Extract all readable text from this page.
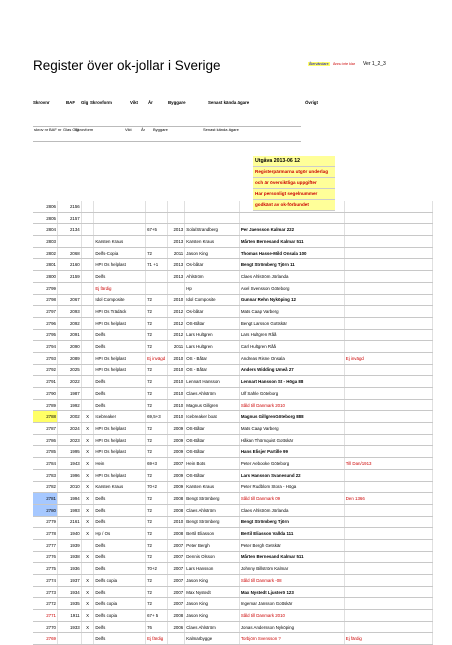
Register över ok-jollar i Sverige	Återvändare Ännu inte klar Ver 1_2_3
Skrovnr	BAF Glg Skrovform	Vikt År	Byggare	Senast kända ägare	Övrigt
skrov nr BAF nr Glas Glg
Skrovform	Vikt År Byggare	Senast kända ägare
Utgåva 2013-06 12
Registerpärmarna utgör underlag
och är översiktliga uppgifter
Har personligt segelnummer
godkänt av ok-förbundet
2806	2156							
2805	2157							
2804	2134			67+5	2013	Sola/Strandberg	Per Jaensson Kalmar 222	
2803			Karsten Kraus		2013	Karsten Kraus	Mårten Bernesand Kalmar 511	
2802	2068		Delfs-Copia	72	2011	Jason King	Thomas Hasse-Mild Onsala 100	
2801	2160		HPI Os helplast	71 +1	2013	Os-båtar	Bengt Strömberg Tjörn 11	
2800	2159		Delfs		2013	Ahlström	Claes Ahlström Jörlanda	
2799			Ej färdig			Hp	Axel Svensson Göteborg	
2798	2067		Idol Composite	72	2010	Idol Composite	Gunnar Rehn Nyköping 12	
2797	2093		HPI Os Trädäck	72	2012	Os-båtar	Mats Caap Varberg	
2796	2092		HPI Os helplast	72	2012	OS-Båtar	Bengt Larsson Gottskär	
2795	2091		Delfs	72	2012	Lars Hultgren	Lars Hultgren Råå	
2794	2090		Delfs	72	2011	Lars Hultgren	Carl Hultgren Råå	
2793	2089		HPI Os helplast	Ej invägd	2010	OS - Båtar	Andreas Risne Onsala	Ej invägd
2792	2025		HPI Os helplast	72	2010	OS - Båtar	Anders Widding Umeå 27	
2791	2022		Delfs	72	2010	Lennart Hansson	Lennart Hansson St - Höga 88	
2790	1987		Delfs	72	2010	Claes Ahlström	Ulf Sahle Göteborg	
2789	1992		Delfs	72	2010	Magnus Gillgren	Såld till Danmark 2010	
2788	2002	X	Icebreaker	69,5+3	2010	Icebreaker boat	Magnus GillgrenGöteborg 888	
2787	2024	X	HPI Os helplast	72	2009	OS-Båtar	Mats Caap Varberg	
2786	2023	X	HPI Os helplast	72	2009	OS-Båtar	Håkan Thörnquist Gottskär	
2785	1995	X	HPI Os helplast	72	2009	OS-Båtar	Hans Elisjer Partille 99	
2784	1943	X	Hein	69+3	2007	Hein Bots	Peter Aebooke Göteborg	Till Dan/1913
2783	1996	X	HPI Os helplast	72	2009	OS-Båtar	Lars Hansson Svanesund 22	
2782	2010	X	Karsten Kraus	70+2	2009	Karsten Kraus	Peter Rudblom Stora - Höga	
2781	1994	X	Delfs	72	2008	Bengt Strömberg	Såld till Danmark 09	Den 1366
2780	1993	X	Delfs	72	2008	Claes Ahlström	Claes Ahlström Jörlanda	
2779	2161	X	Delfs	72	2010	Bengt Strömberg	Bengt Strömberg Tjörn	
2778	1940	X	Hp / Os	72	2008	Bertil Eliasson	Bertil Eliasson Vallda 111	
2777	1939		Delfs	72	2007	Peter Bergh	Peter Bergh Getskär	
2776	1938	X	Delfs	72	2007	Dennis Olsson	Mårten Bernesand Kalmar 511	
2775	1936		Delfs	70+2	2007	Lars Hansson	Johnny Billström Kalmar	
2774	1937	X	Delfs copia	72	2007	Jason King	Såld till Danmark -08	
2773	1934	X	Delfs	72	2007	Max Nystedt	Max Nystedt Ljusterö 123	
2772	1935	X	Delfs copia	72	2007	Jason King	Ingemar Jansson Gottskär	
2771	1911	X	Delfs copia	67+ 5	2008	Jason King	Såld till Danmark 2010	
2770	1933	X	Delfs	76	2006	Claes Ahlström	Jonas Andersson Nyköping	
2769			Delfs	Ej färdig		Kalmarbygge	Torbjörn Svensson ?	Ej färdig
